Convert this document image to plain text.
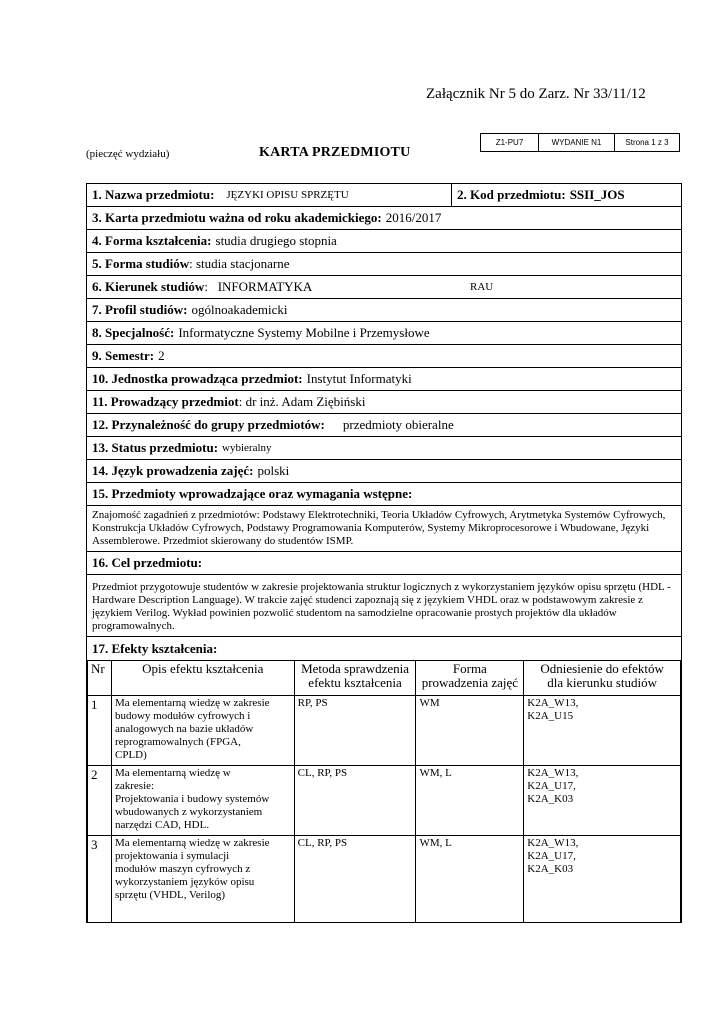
Załącznik Nr 5 do Zarz. Nr 33/11/12
Z1-PU7	WYDANIE N1	Strona 1 z 3
(pieczęć wydziału)	KARTA PRZEDMIOTU
1. Nazwa przedmiotu: JĘZYKI OPISU SPRZĘTU	2. Kod przedmiotu: SSII_JOS
3. Karta przedmiotu ważna od roku akademickiego: 2016/2017
4. Forma kształcenia: studia drugiego stopnia
5. Forma studiów : studia stacjonarne
6. Kierunek studiów :   INFORMATYKA	RAU
7. Profil studiów: ogólnoakademicki
8. Specjalność: Informatyczne Systemy Mobilne i Przemysłowe
9. Semestr: 2
10. Jednostka prowadząca przedmiot: Instytut Informatyki
11. Prowadzący przedmiot : dr inż. Adam Ziębiński
12. Przynależność do grupy przedmiotów: przedmioty obieralne
13. Status przedmiotu: wybieralny
14. Język prowadzenia zajęć: polski
15. Przedmioty wprowadzające oraz wymagania wstępne:
Znajomość zagadnień z przedmiotów: Podstawy Elektrotechniki, Teoria Układów Cyfrowych, Arytmetyka Systemów Cyfrowych, Konstrukcja Układów Cyfrowych, Podstawy Programowania Komputerów, Systemy Mikroprocesorowe i Wbudowane, Języki Assemblerowe. Przedmiot skierowany do studentów ISMP.
16. Cel przedmiotu:
Przedmiot przygotowuje studentów w zakresie projektowania struktur logicznych z wykorzystaniem języków opisu sprzętu (HDL - Hardware Description Language). W trakcie zajęć studenci zapoznają się z językiem VHDL oraz w podstawowym zakresie z językiem Verilog. Wykład powinien pozwolić studentom na samodzielne opracowanie prostych projektów dla układów programowalnych.
17. Efekty kształcenia:
Nr	Opis efektu kształcenia	Metoda sprawdzenia
efektu kształcenia	Forma
prowadzenia zajęć	Odniesienie do efektów
dla kierunku studiów
1	Ma elementarną wiedzę w zakresie
budowy modułów cyfrowych i
analogowych na bazie układów
reprogramowalnych (FPGA,
CPLD)	RP, PS	WM	K2A_W13,
K2A_U15
2	Ma elementarną wiedzę w
zakresie:
Projektowania i budowy systemów
wbudowanych z wykorzystaniem
narzędzi CAD, HDL.	CL, RP, PS	WM, L	K2A_W13,
K2A_U17,
K2A_K03
3	Ma elementarną wiedzę w zakresie
projektowania i symulacji
modułów maszyn cyfrowych z
wykorzystaniem języków opisu
sprzętu (VHDL, Verilog)	CL, RP, PS	WM, L	K2A_W13,
K2A_U17,
K2A_K03
